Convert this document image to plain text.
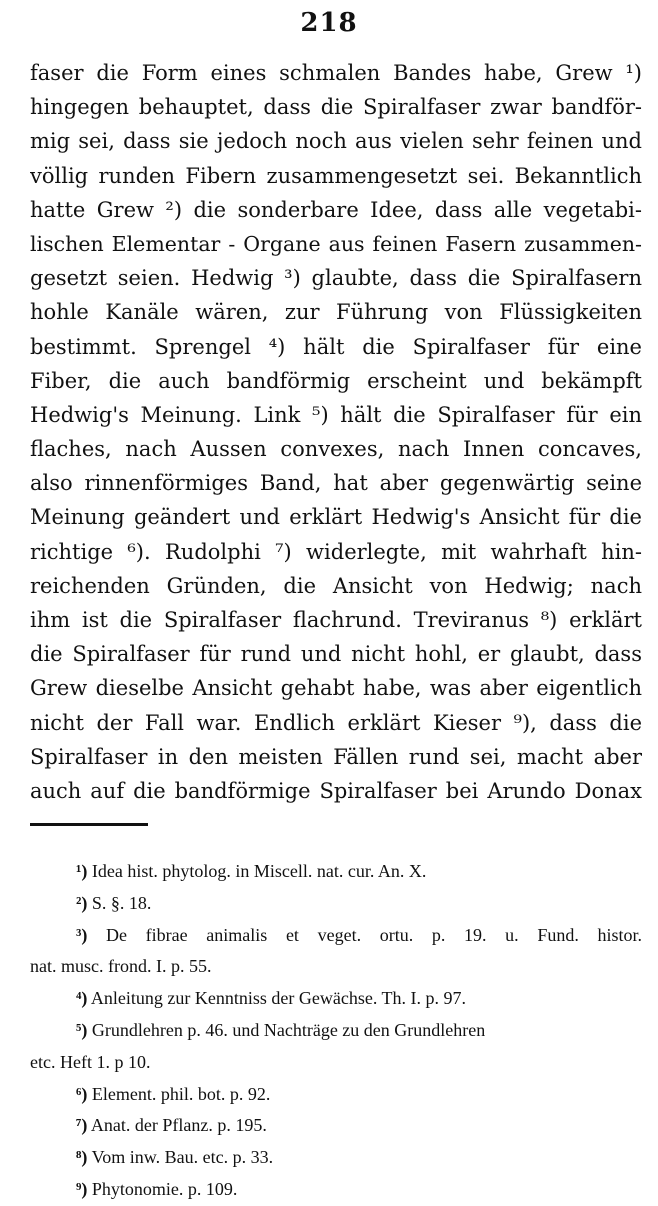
218
faser die Form eines schmalen Bandes habe, Grew ¹)
hingegen behauptet, dass die Spiralfaser zwar bandför-
mig sei, dass sie jedoch noch aus vielen sehr feinen und
völlig runden Fibern zusammengesetzt sei. Bekanntlich
hatte Grew ²) die sonderbare Idee, dass alle vegetabi-
lischen Elementar - Organe aus feinen Fasern zusammen-
gesetzt seien. Hedwig ³) glaubte, dass die Spiralfasern
hohle Kanäle wären, zur Führung von Flüssigkeiten
bestimmt. Sprengel ⁴) hält die Spiralfaser für eine
Fiber, die auch bandförmig erscheint und bekämpft
Hedwig's Meinung. Link ⁵) hält die Spiralfaser für ein
flaches, nach Aussen convexes, nach Innen concaves,
also rinnenförmiges Band, hat aber gegenwärtig seine
Meinung geändert und erklärt Hedwig's Ansicht für die
richtige ⁶). Rudolphi ⁷) widerlegte, mit wahrhaft hin-
reichenden Gründen, die Ansicht von Hedwig; nach
ihm ist die Spiralfaser flachrund. Treviranus ⁸) erklärt
die Spiralfaser für rund und nicht hohl, er glaubt, dass
Grew dieselbe Ansicht gehabt habe, was aber eigentlich
nicht der Fall war. Endlich erklärt Kieser ⁹), dass die
Spiralfaser in den meisten Fällen rund sei, macht aber
auch auf die bandförmige Spiralfaser bei Arundo Donax
¹) Idea hist. phytolog. in Miscell. nat. cur. An. X.
²) S. §. 18.
³) De fibrae animalis et veget. ortu. p. 19. u. Fund. histor.
nat. musc. frond. I. p. 55.
⁴) Anleitung zur Kenntniss der Gewächse. Th. I. p. 97.
⁵) Grundlehren p. 46. und Nachträge zu den Grundlehren
etc. Heft 1. p 10.
⁶) Element. phil. bot. p. 92.
⁷) Anat. der Pflanz. p. 195.
⁸) Vom inw. Bau. etc. p. 33.
⁹) Phytonomie. p. 109.
